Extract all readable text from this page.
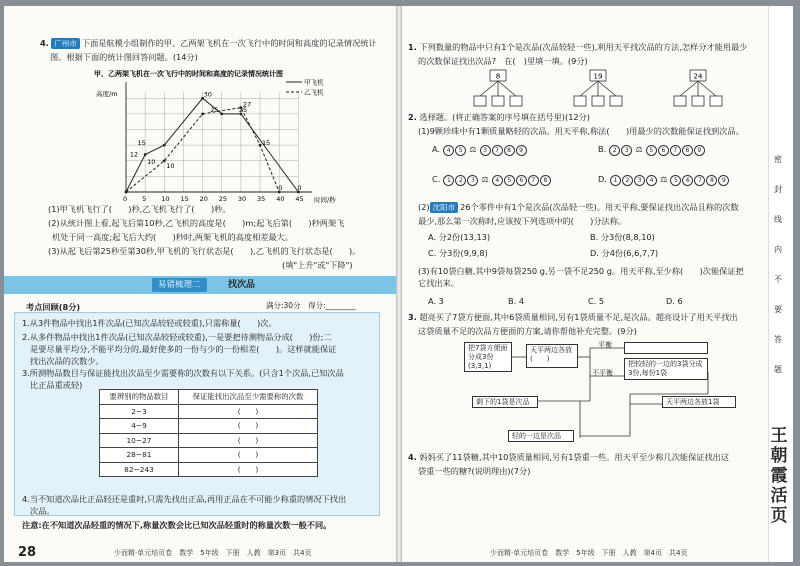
4. 广州市 下面是航模小组制作的甲、乙两架飞机在一次飞行中的时间和高度的记录情况统计
图。根据下面的统计图回答问题。(14分)
甲、乙两架飞机在一次飞行中的时间和高度的记录情况统计图
高度/m
时间/秒
0 5 10 15 20 25 30 35 40 45
甲飞机
乙飞机
15
12
10
30
25	25
27
15
10
0 0
(1)甲飞机飞行了(　　)秒,乙飞机飞行了(　　)秒。
(2)从统计图上看,起飞后第10秒,乙飞机的高度是(　　)m;起飞后第(　　)秒两架飞
机处于同一高度;起飞后大约(　　)秒时,两架飞机的高度相差最大。
(3)从起飞后第25秒至第30秒,甲飞机的飞行状态是(　　),乙飞机的飞行状态是(　　)。
(填"上升"或"下降")
易错梳理二	找次品
满分:30分　得分:________
考点回顾(8分)
1.从3件物品中找出1件次品(已知次品较轻或较重),只需称量(　　)次。
2.从多件物品中找出1件次品(已知次品较轻或较重),一是要把待测物品分成(　　)份;二
是要尽量平均分,不能平均分的,最好使多的一份与少的一份相差(　　)。这样就能保证
找出次品的次数少。
3.所测物品数目与保证能找出次品至少需要称的次数有以下关系。(只含1个次品,已知次品
比正品重或轻)
要辨别的物品数目	保证能找出次品至少需要称的次数
2~3	(　　)
4~9	(　　)
10~27	(　　)
28~81	(　　)
82~243	(　　)
4.当不知道次品比正品轻还是重时,只需先找出正品,再用正品在不可能少称重的情况下找出
次品。
注意:在不知道次品轻重的情况下,称量次数会比已知次品轻重时的称量次数一般不同。
28	少而精·单元培页卷　数学　5年级　下册　人教　第3页　共4页
1. 下列数量的物品中只有1个是次品(次品较轻一些),利用天平找次品的方法,怎样分才能用最少
的次数保证找出次品?　在(　)里填一填。(9分)
8	19	24
2. 选择题。(将正确答案的序号填在括号里)(12分)
(1)9颗珍珠中有1颗质量略轻的次品。用天平称,称法(　　)用最少的次数能保证找到次品。
A. 4 5 ⚖ 3 7 8 9	B. 2 3 ⚖ 5 6 7 8 9
C. 1 2 3 ⚖ 4 5 6 7 8	D. 1 2 3 4 ⚖ 5 6 7 8 9
(2) 沈阳市 26个零件中有1个是次品(次品轻一些)。用天平称,要保证找出次品且称的次数
最少,那么第一次称时,应该按下列选项中的(　　)分法称。
A. 分2份(13,13)	B. 分3份(8,8,10)
C. 分3份(9,9,8)	D. 分4份(6,6,7,7)
(3)有10袋白糖,其中9袋每袋250 g,另一袋不足250 g。用天平称,至少称(　　)次能保证把
它找出来。
A. 3	B. 4	C. 5	D. 6
3. 超亮买了7袋方便面,其中6袋质量相同,另有1袋质量不足,是次品。超亮设计了用天平找出
这袋质量不足的次品方便面的方案,请你帮他补充完整。(9分)
把7袋方便面分成3份(3,3,1)
天平两边各放(　　)
平衡
不平衡
把较轻的一边的3袋分成3份,每份1袋
天平两边各放1袋
剩下的1袋是次品
轻的一边是次品
4. 妈妈买了11袋糖,其中10袋质量相同,另有1袋重一些。用天平至少称几次能保证找出这
袋重一些的糖?(说明理由)(7分)
少而精·单元培页卷　数学　5年级　下册　人教　第4页　共4页
密
封
线
内
不
要
答
题
王朝霞活页
